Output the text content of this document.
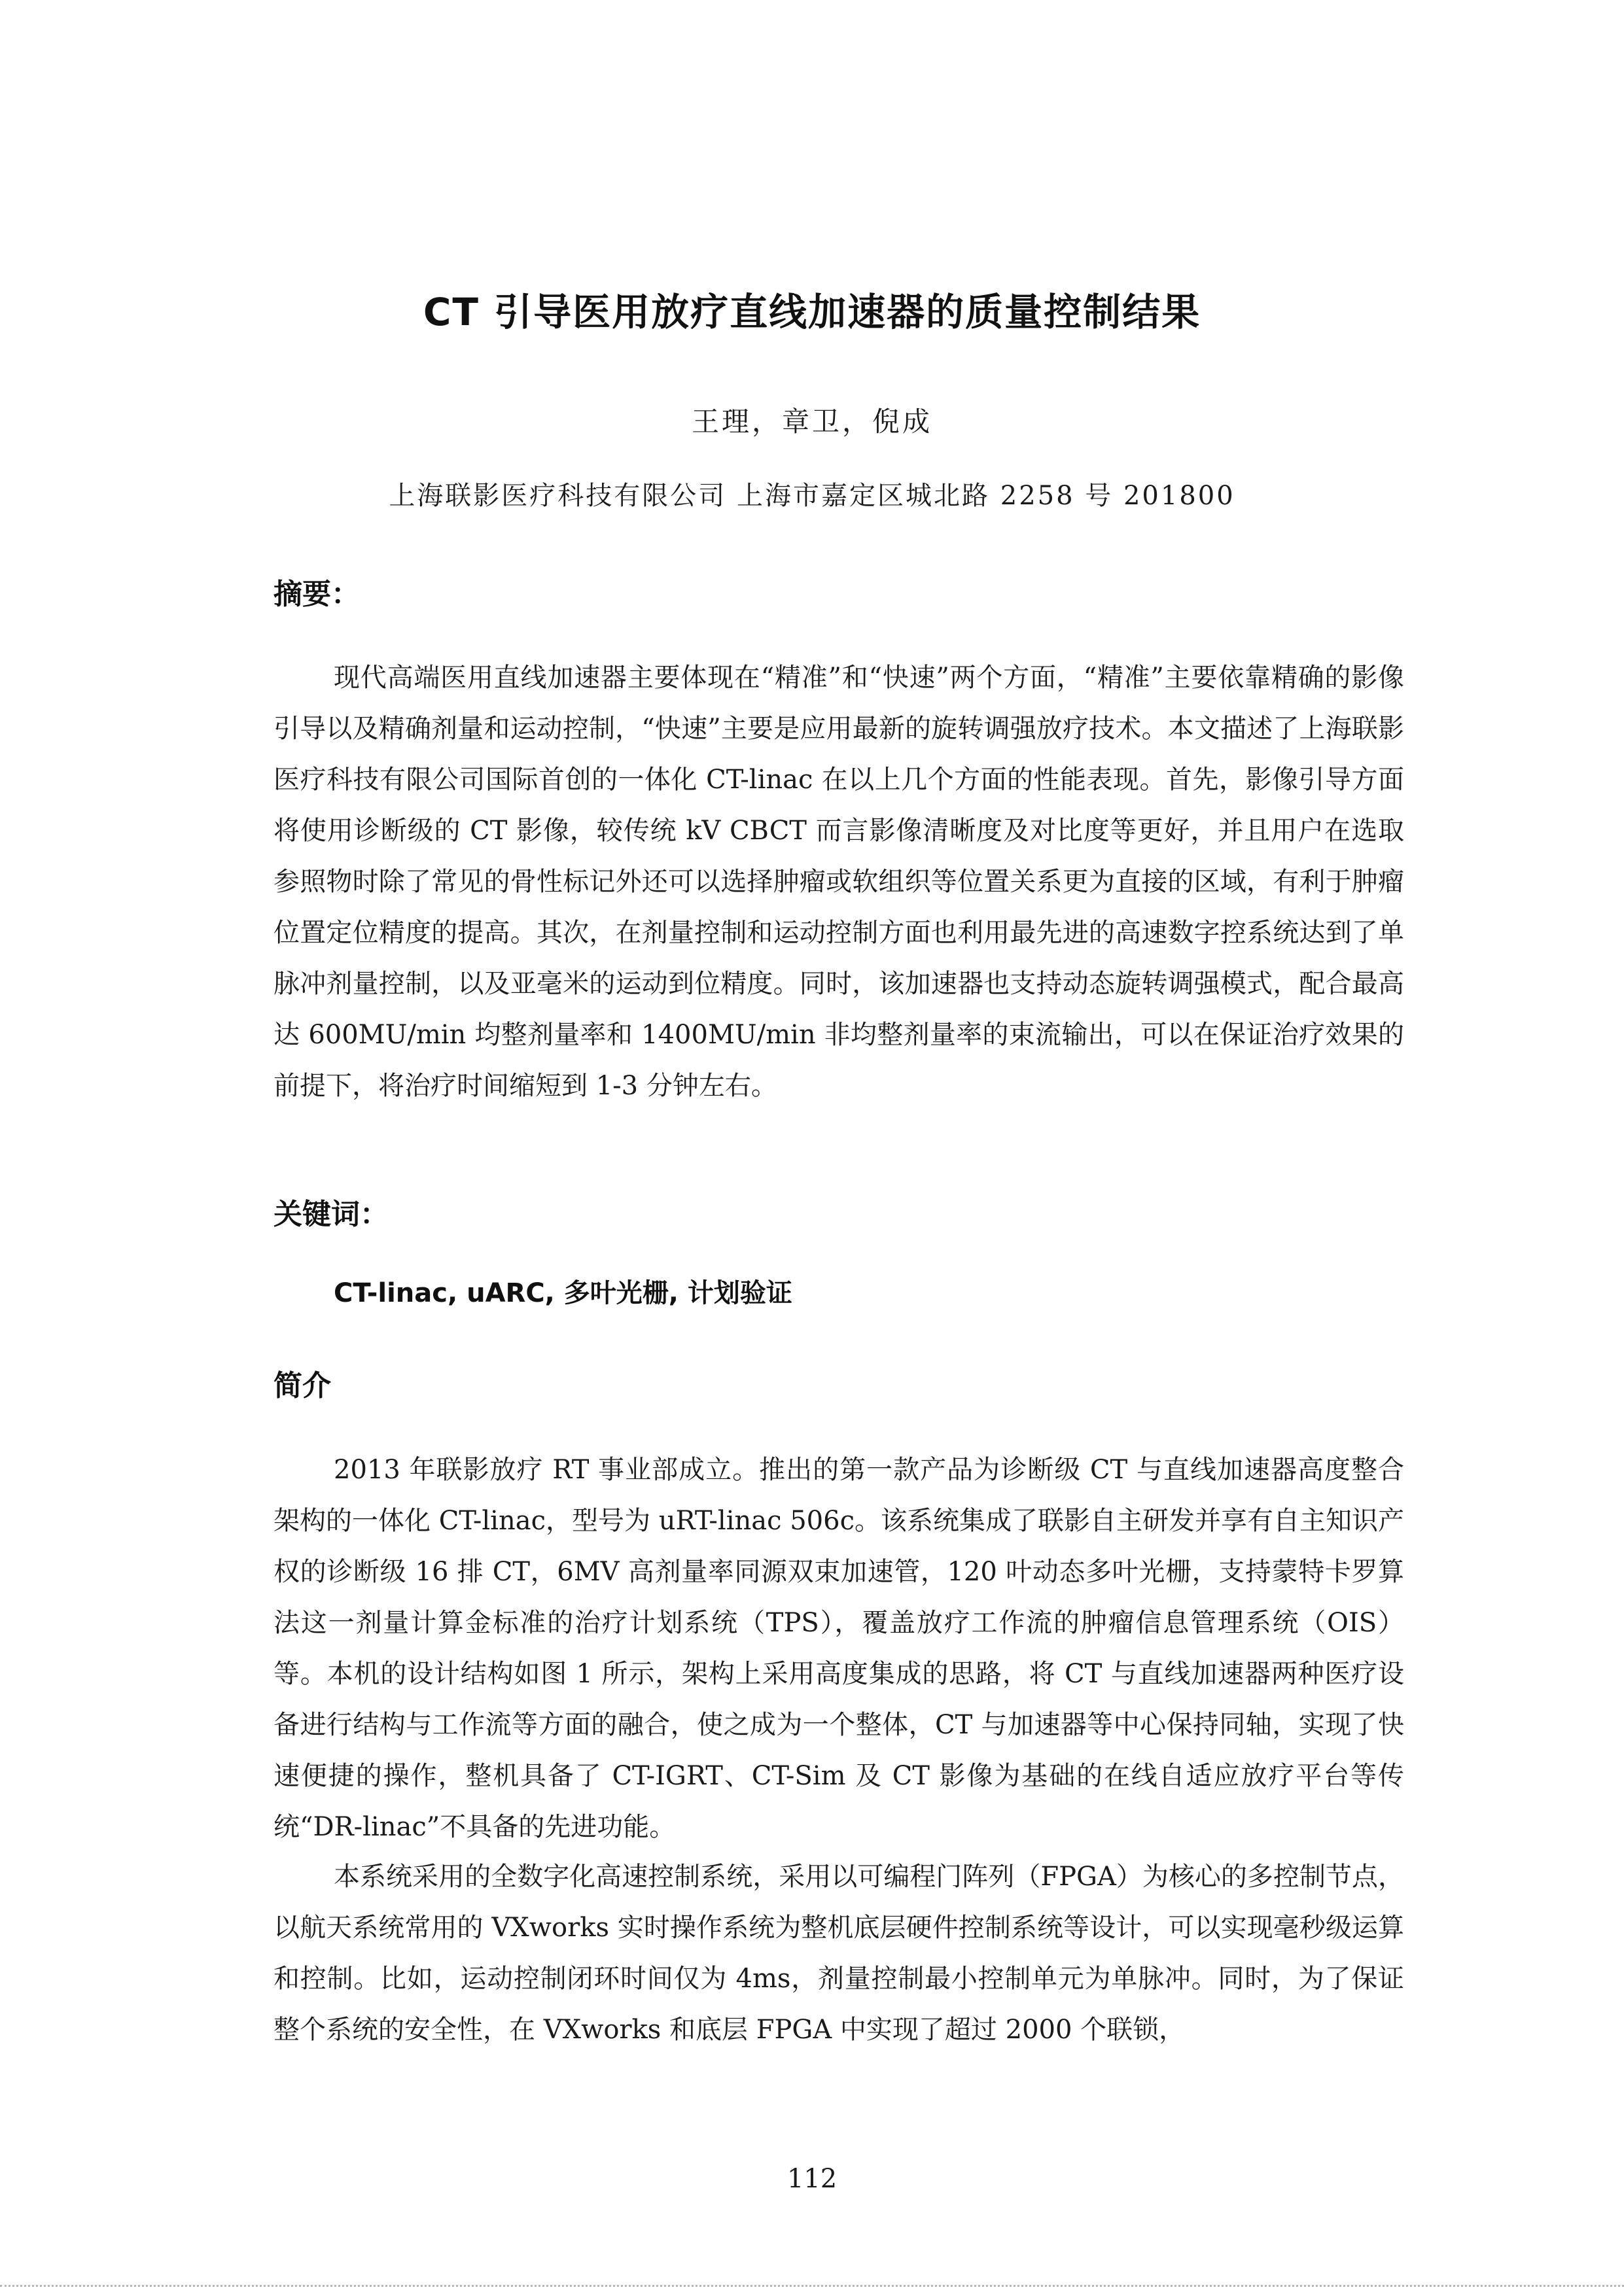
CT 引导医用放疗直线加速器的质量控制结果
王理，章卫，倪成
上海联影医疗科技有限公司 上海市嘉定区城北路 2258 号 201800
摘要：
现代高端医用直线加速器主要体现在“精准”和“快速”两个方面，“精准”主要依靠精确的影像引导以及精确剂量和运动控制，“快速”主要是应用最新的旋转调强放疗技术。本文描述了上海联影医疗科技有限公司国际首创的一体化 CT-linac 在以上几个方面的性能表现。首先，影像引导方面将使用诊断级的 CT 影像，较传统 kV CBCT 而言影像清晰度及对比度等更好，并且用户在选取参照物时除了常见的骨性标记外还可以选择肿瘤或软组织等位置关系更为直接的区域，有利于肿瘤位置定位精度的提高。其次，在剂量控制和运动控制方面也利用最先进的高速数字控系统达到了单脉冲剂量控制，以及亚毫米的运动到位精度。同时，该加速器也支持动态旋转调强模式，配合最高达 600MU/min 均整剂量率和 1400MU/min 非均整剂量率的束流输出，可以在保证治疗效果的前提下，将治疗时间缩短到 1-3 分钟左右。
关键词：
CT-linac, uARC, 多叶光栅, 计划验证
简介
2013 年联影放疗 RT 事业部成立。推出的第一款产品为诊断级 CT 与直线加速器高度整合架构的一体化 CT-linac，型号为 uRT-linac 506c。该系统集成了联影自主研发并享有自主知识产权的诊断级 16 排 CT，6MV 高剂量率同源双束加速管，120 叶动态多叶光栅，支持蒙特卡罗算法这一剂量计算金标准的治疗计划系统（TPS），覆盖放疗工作流的肿瘤信息管理系统（OIS）等。本机的设计结构如图 1 所示，架构上采用高度集成的思路，将 CT 与直线加速器两种医疗设备进行结构与工作流等方面的融合，使之成为一个整体，CT 与加速器等中心保持同轴，实现了快速便捷的操作，整机具备了 CT-IGRT、CT-Sim 及 CT 影像为基础的在线自适应放疗平台等传统“DR-linac”不具备的先进功能。
本系统采用的全数字化高速控制系统，采用以可编程门阵列（FPGA）为核心的多控制节点，以航天系统常用的 VXworks 实时操作系统为整机底层硬件控制系统等设计，可以实现毫秒级运算和控制。比如，运动控制闭环时间仅为 4ms，剂量控制最小控制单元为单脉冲。同时，为了保证整个系统的安全性，在 VXworks 和底层 FPGA 中实现了超过 2000 个联锁，
112
